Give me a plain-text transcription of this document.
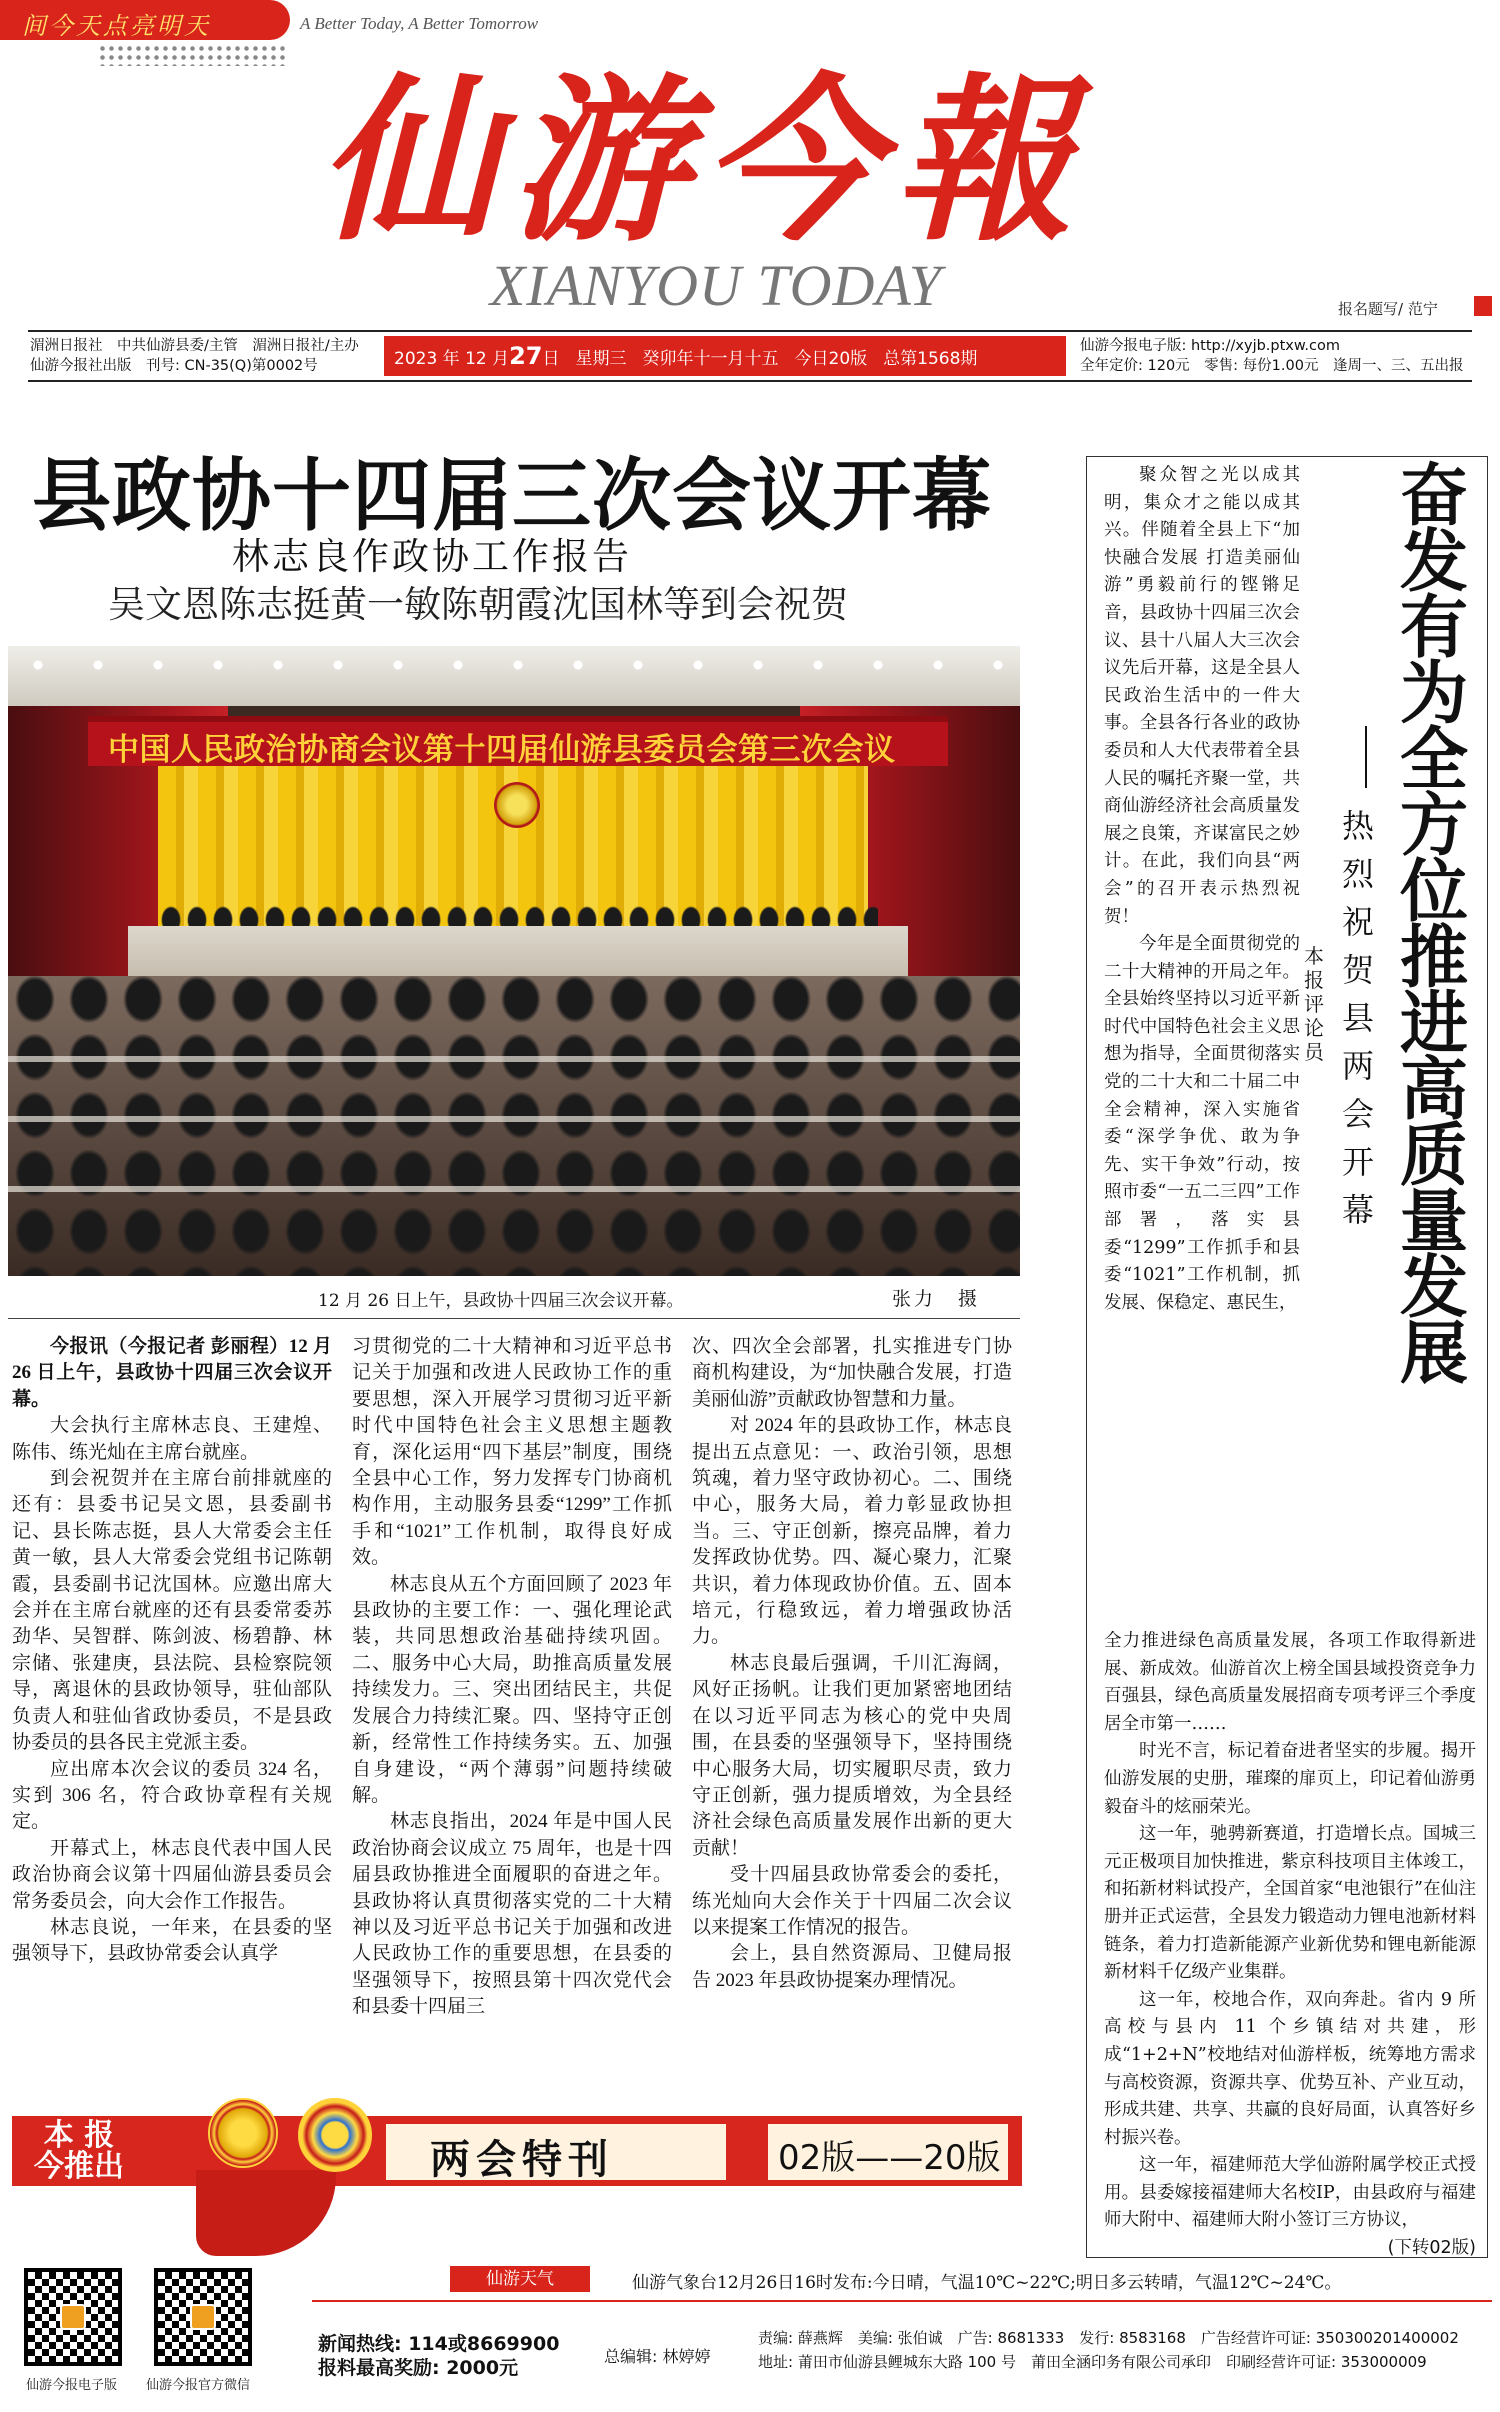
间今天点亮明天	A Better Today, A Better Tomorrow
仙游今報
XIANYOU TODAY	报名题写/ 范宁
湄洲日报社　中共仙游县委/主管　湄洲日报社/主办
仙游今报社出版　刊号: CN-35(Q)第0002号	2023 年 12 月27日 星期三 癸卯年十一月十五 今日20版 总第1568期
仙游今报电子版: http://xyjb.ptxw.com
全年定价: 120元　零售: 每份1.00元　逢周一、三、五出报
县政协十四届三次会议开幕
林志良作政协工作报告
吴文恩陈志挺黄一敏陈朝霞沈国林等到会祝贺
中国人民政治协商会议第十四届仙游县委员会第三次会议
12 月 26 日上午，县政协十四届三次会议开幕。	张力　摄

今报讯（今报记者 彭丽程）12 月 26 日上午，县政协十四届三次会议开幕。

大会执行主席林志良、王建煌、陈伟、练光灿在主席台就座。

到会祝贺并在主席台前排就座的还有：县委书记吴文恩，县委副书记、县长陈志挺，县人大常委会主任黄一敏，县人大常委会党组书记陈朝霞，县委副书记沈国林。应邀出席大会并在主席台就座的还有县委常委苏劲华、吴智群、陈剑波、杨碧静、林宗储、张建庚，县法院、县检察院领导，离退休的县政协领导，驻仙部队负责人和驻仙省政协委员，不是县政协委员的县各民主党派主委。

应出席本次会议的委员 324 名，实到 306 名，符合政协章程有关规定。

开幕式上，林志良代表中国人民政治协商会议第十四届仙游县委员会常务委员会，向大会作工作报告。

林志良说，一年来，在县委的坚强领导下，县政协常委会认真学

习贯彻党的二十大精神和习近平总书记关于加强和改进人民政协工作的重要思想，深入开展学习贯彻习近平新时代中国特色社会主义思想主题教育，深化运用“四下基层”制度，围绕全县中心工作，努力发挥专门协商机构作用，主动服务县委“1299”工作抓手和“1021”工作机制，取得良好成效。

林志良从五个方面回顾了 2023 年县政协的主要工作：一、强化理论武装，共同思想政治基础持续巩固。二、服务中心大局，助推高质量发展持续发力。三、突出团结民主，共促发展合力持续汇聚。四、坚持守正创新，经常性工作持续务实。五、加强自身建设，“两个薄弱”问题持续破解。

林志良指出，2024 年是中国人民政治协商会议成立 75 周年，也是十四届县政协推进全面履职的奋进之年。县政协将认真贯彻落实党的二十大精神以及习近平总书记关于加强和改进人民政协工作的重要思想，在县委的坚强领导下，按照县第十四次党代会和县委十四届三

次、四次全会部署，扎实推进专门协商机构建设，为“加快融合发展，打造美丽仙游”贡献政协智慧和力量。

对 2024 年的县政协工作，林志良提出五点意见：一、政治引领，思想筑魂，着力坚守政协初心。二、围绕中心，服务大局，着力彰显政协担当。三、守正创新，擦亮品牌，着力发挥政协优势。四、凝心聚力，汇聚共识，着力体现政协价值。五、固本培元，行稳致远，着力增强政协活力。

林志良最后强调，千川汇海阔，风好正扬帆。让我们更加紧密地团结在以习近平同志为核心的党中央周围，在县委的坚强领导下，坚持围绕中心服务大局，切实履职尽责，致力守正创新，强力提质增效，为全县经济社会绿色高质量发展作出新的更大贡献！

受十四届县政协常委会的委托，练光灿向大会作关于十四届二次会议以来提案工作情况的报告。

会上，县自然资源局、卫健局报告 2023 年县政协提案办理情况。

奋发有为全方位推进高质量发展
热烈祝贺县两会开幕
本报评论员

聚众智之光以成其明，集众才之能以成其兴。伴随着全县上下“加快融合发展 打造美丽仙游”勇毅前行的铿锵足音，县政协十四届三次会议、县十八届人大三次会议先后开幕，这是全县人民政治生活中的一件大事。全县各行各业的政协委员和人大代表带着全县人民的嘱托齐聚一堂，共商仙游经济社会高质量发展之良策，齐谋富民之妙计。在此，我们向县“两会”的召开表示热烈祝贺！

今年是全面贯彻党的二十大精神的开局之年。全县始终坚持以习近平新时代中国特色社会主义思想为指导，全面贯彻落实党的二十大和二十届二中全会精神，深入实施省委“深学争优、敢为争先、实干争效”行动，按照市委“一五二三四”工作部署，落实县委“1299”工作抓手和县委“1021”工作机制，抓发展、保稳定、惠民生，

全力推进绿色高质量发展，各项工作取得新进展、新成效。仙游首次上榜全国县域投资竞争力百强县，绿色高质量发展招商专项考评三个季度居全市第一……

时光不言，标记着奋进者坚实的步履。揭开仙游发展的史册，璀璨的扉页上，印记着仙游勇毅奋斗的炫丽荣光。

这一年，驰骋新赛道，打造增长点。国城三元正极项目加快推进，紫京科技项目主体竣工，和拓新材料试投产，全国首家“电池银行”在仙注册并正式运营，全县发力锻造动力锂电池新材料链条，着力打造新能源产业新优势和锂电新能源新材料千亿级产业集群。

这一年，校地合作，双向奔赴。省内 9 所高校与县内 11 个乡镇结对共建，形成“1+2+N”校地结对仙游样板，统筹地方需求与高校资源，资源共享、优势互补、产业互动，形成共建、共享、共赢的良好局面，认真答好乡村振兴卷。

这一年，福建师范大学仙游附属学校正式授用。县委嫁接福建师大名校IP，由县政府与福建师大附中、福建师大附小签订三方协议，
(下转02版)

本 报 今推出	两会特刊	02版——20版
仙游今报电子版 仙游今报官方微信
仙游天气	仙游气象台12月26日16时发布:今日晴，气温10℃~22℃;明日多云转晴，气温12℃~24℃。
新闻热线: 114或8669900
报料最高奖励: 2000元
总编辑: 林婷婷
责编: 薛燕辉　美编: 张伯诚　广告: 8681333　发行: 8583168　广告经营许可证: 350300201400002
地址: 莆田市仙游县鲤城东大路 100 号　莆田全涵印务有限公司承印　印刷经营许可证: 353000009
